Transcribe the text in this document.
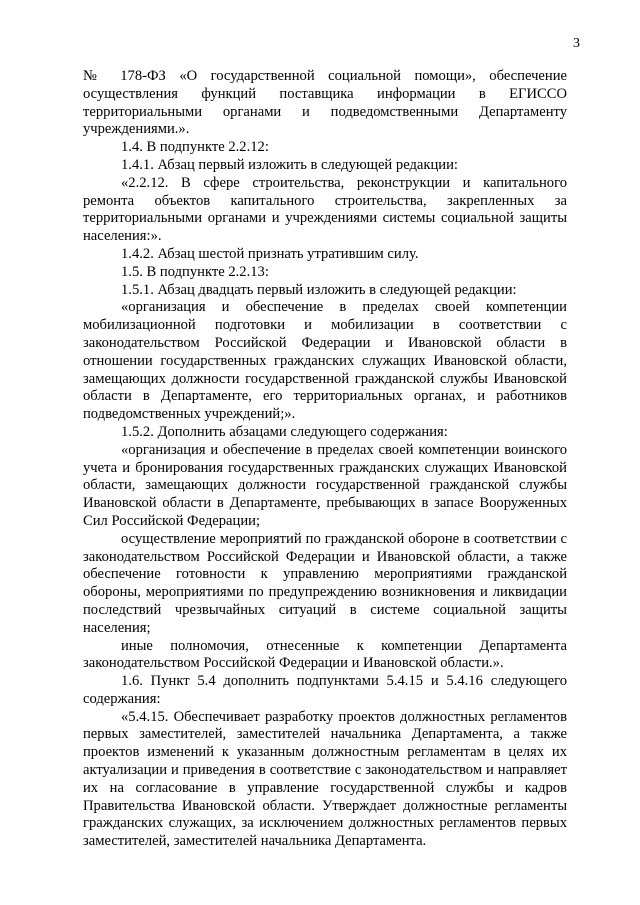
3

№ 178-ФЗ «О государственной социальной помощи», обеспечение осуществления функций поставщика информации в ЕГИССО территориальными органами и подведомственными Департаменту учреждениями.».

1.4. В подпункте 2.2.12:

1.4.1. Абзац первый изложить в следующей редакции:

«2.2.12. В сфере строительства, реконструкции и капитального ремонта объектов капитального строительства, закрепленных за территориальными органами и учреждениями системы социальной защиты населения:».

1.4.2. Абзац шестой признать утратившим силу.

1.5. В подпункте 2.2.13:

1.5.1. Абзац двадцать первый изложить в следующей редакции:

«организация и обеспечение в пределах своей компетенции мобилизационной подготовки и мобилизации в соответствии с законодательством Российской Федерации и Ивановской области в отношении государственных гражданских служащих Ивановской области, замещающих должности государственной гражданской службы Ивановской области в Департаменте, его территориальных органах, и работников подведомственных учреждений;».

1.5.2. Дополнить абзацами следующего содержания:

«организация и обеспечение в пределах своей компетенции воинского учета и бронирования государственных гражданских служащих Ивановской области, замещающих должности государственной гражданской службы Ивановской области в Департаменте, пребывающих в запасе Вооруженных Сил Российской Федерации;

осуществление мероприятий по гражданской обороне в соответствии с законодательством Российской Федерации и Ивановской области, а также обеспечение готовности к управлению мероприятиями гражданской обороны, мероприятиями по предупреждению возникновения и ликвидации последствий чрезвычайных ситуаций в системе социальной защиты населения;

иные полномочия, отнесенные к компетенции Департамента законодательством Российской Федерации и Ивановской области.».

1.6. Пункт 5.4 дополнить подпунктами 5.4.15 и 5.4.16 следующего содержания:

«5.4.15. Обеспечивает разработку проектов должностных регламентов первых заместителей, заместителей начальника Департамента, а также проектов изменений к указанным должностным регламентам в целях их актуализации и приведения в соответствие с законодательством и направляет их на согласование в управление государственной службы и кадров Правительства Ивановской области. Утверждает должностные регламенты гражданских служащих, за исключением должностных регламентов первых заместителей, заместителей начальника Департамента.
